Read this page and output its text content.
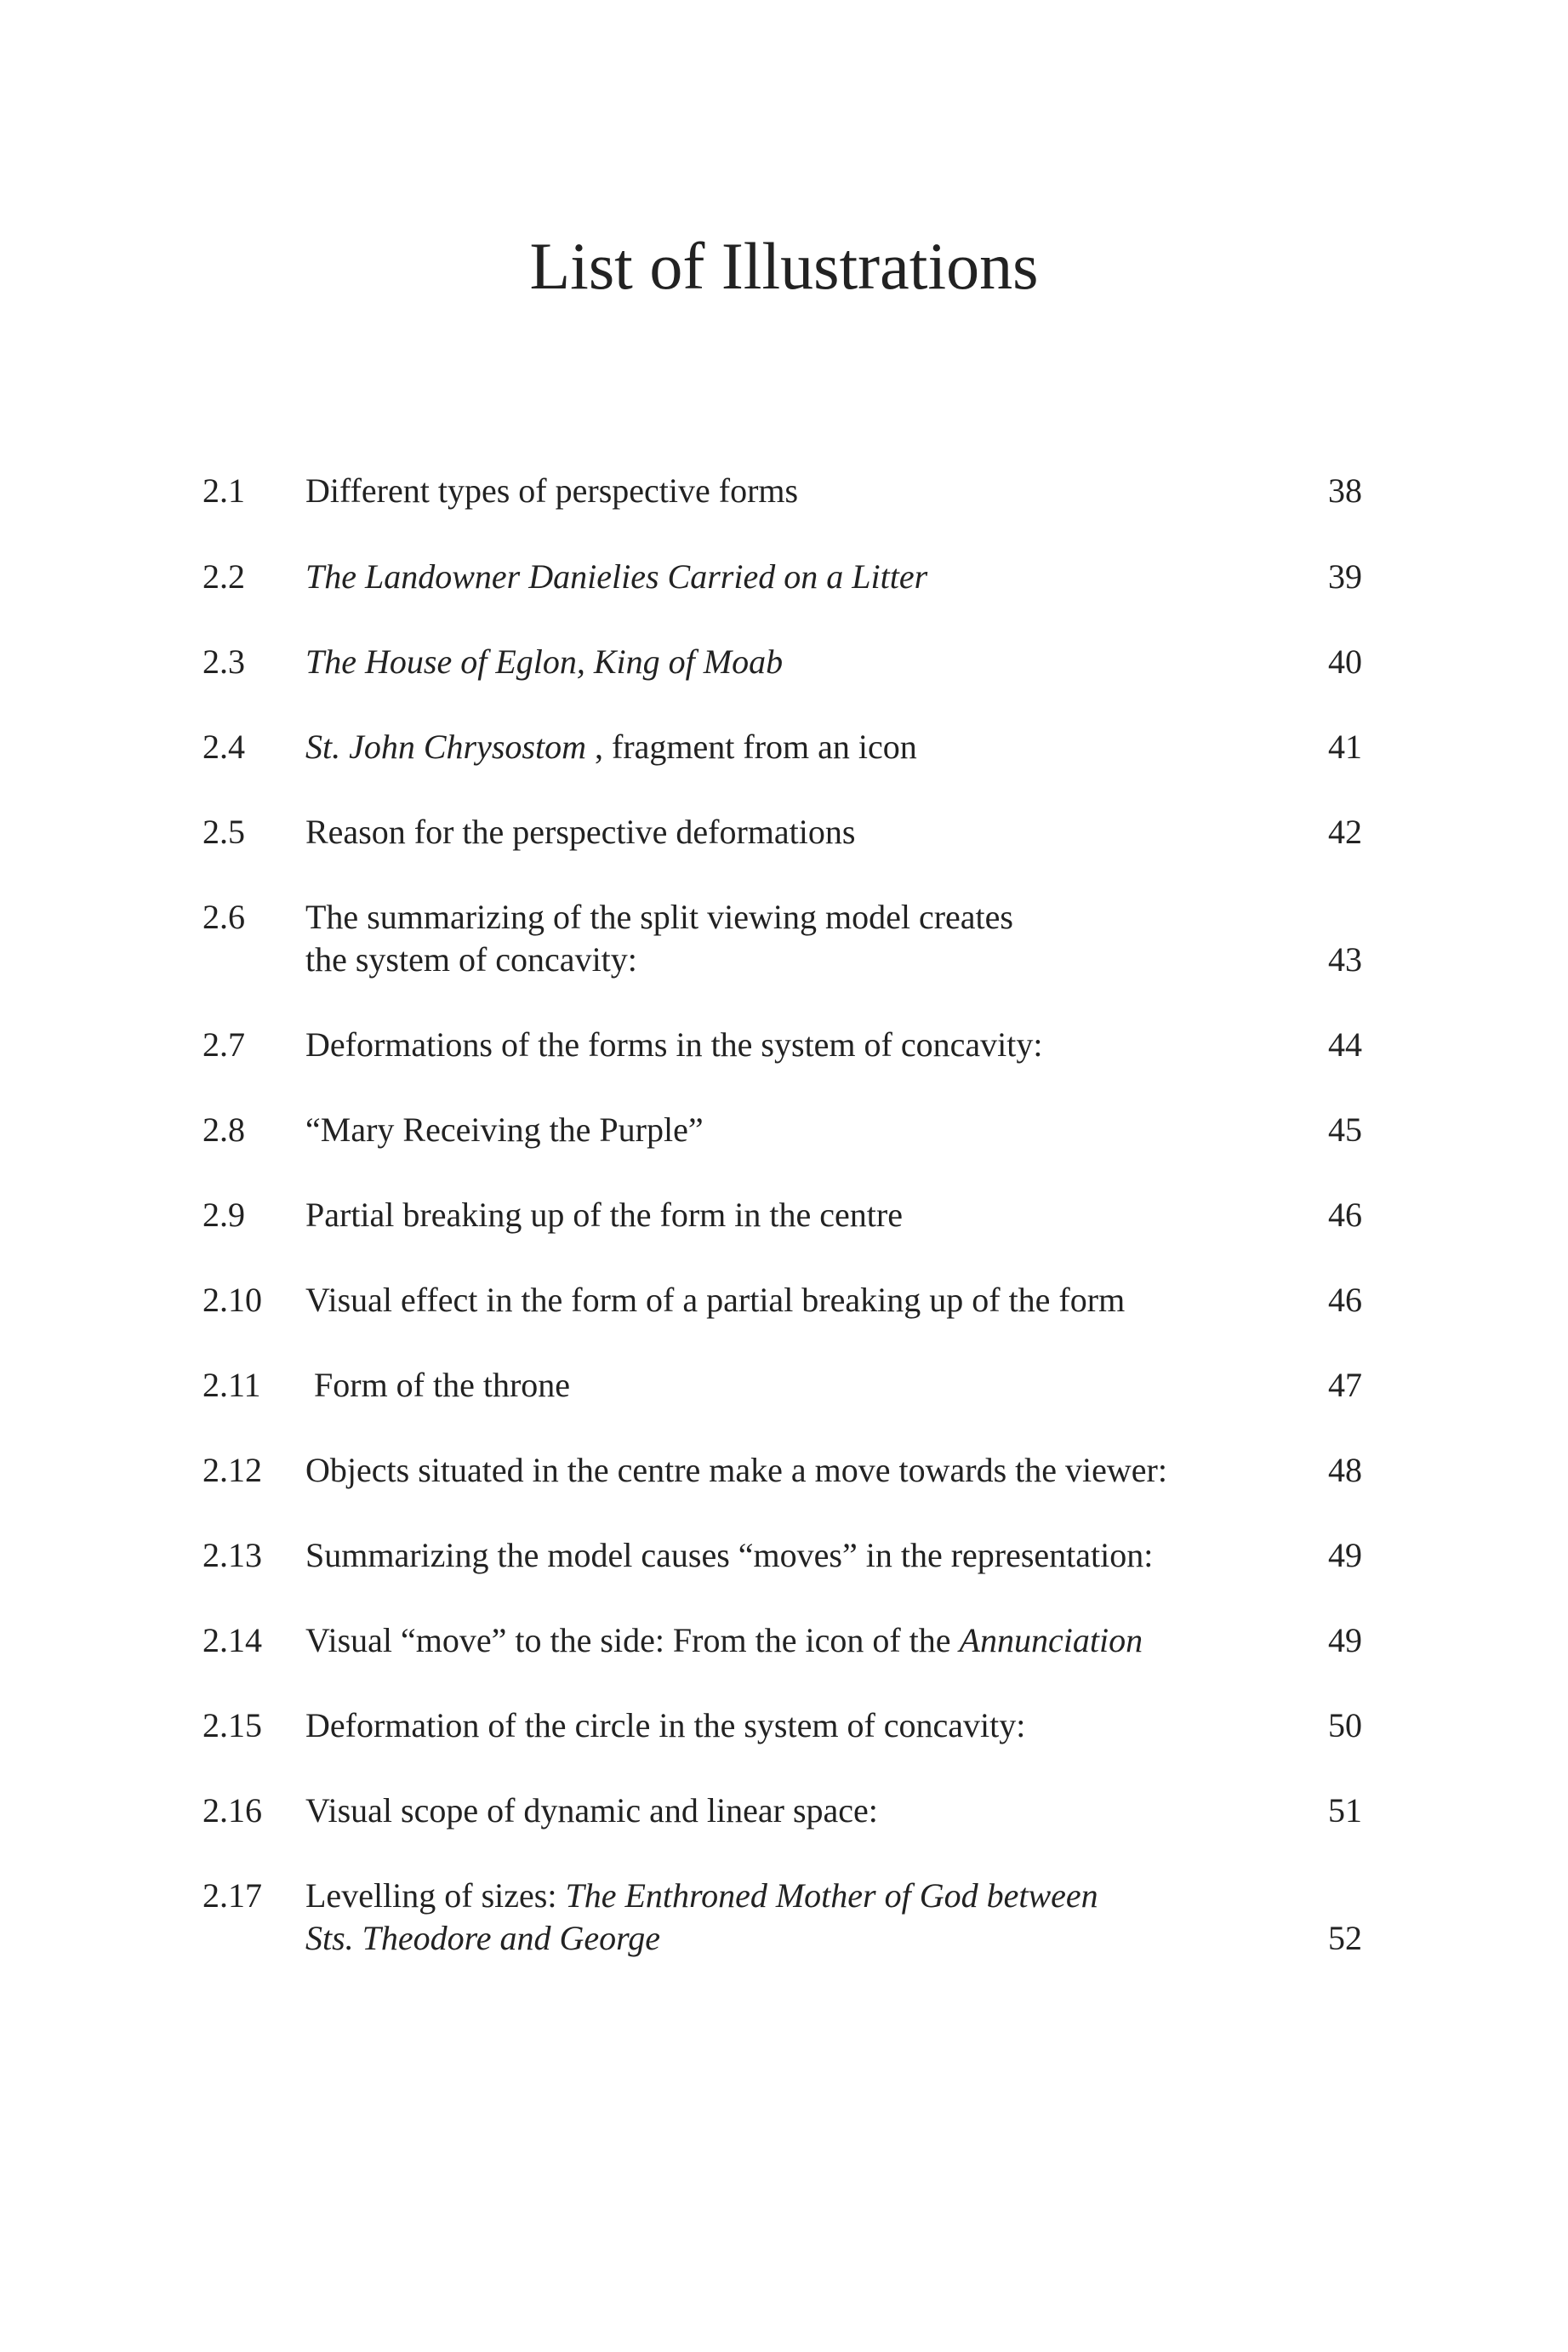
List of Illustrations
2.1 Different types of perspective forms	38
2.2 The Landowner Danielies Carried on a Litter	39
2.3 The House of Eglon, King of Moab	40
2.4 St. John Chrysostom , fragment from an icon	41
2.5 Reason for the perspective deformations	42
2.6 The summarizing of the split viewing model creates
the system of concavity:	43
2.7 Deformations of the forms in the system of concavity:	44
2.8 “Mary Receiving the Purple”	45
2.9 Partial breaking up of the form in the centre	46
2.10 Visual effect in the form of a partial breaking up of the form	46
2.11 Form of the throne	47
2.12 Objects situated in the centre make a move towards the viewer:	48
2.13 Summarizing the model causes “moves” in the representation:	49
2.14 Visual “move” to the side: From the icon of the Annunciation	49
2.15 Deformation of the circle in the system of concavity:	50
2.16 Visual scope of dynamic and linear space:	51
2.17 Levelling of sizes: The Enthroned Mother of God between
Sts. Theodore and George	52
